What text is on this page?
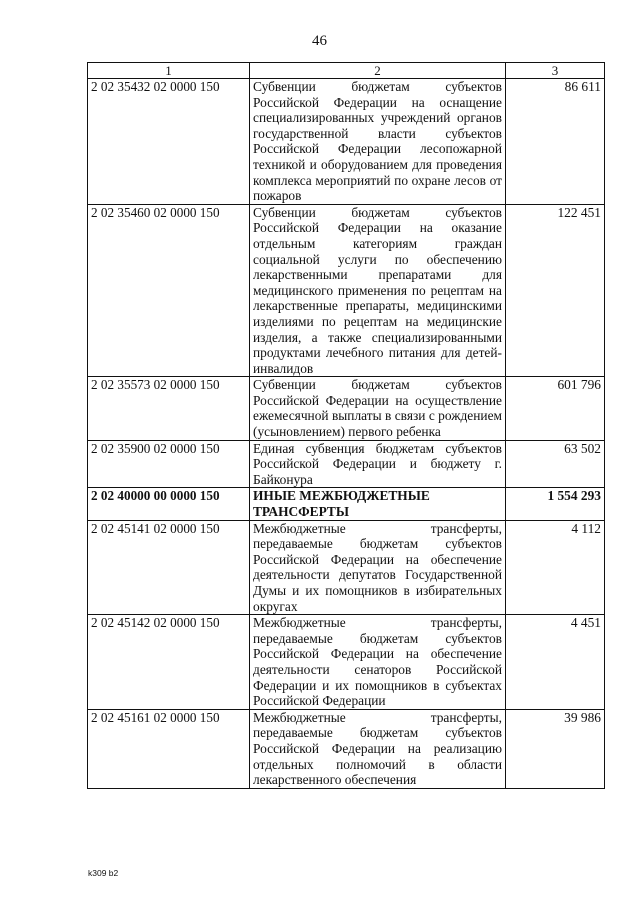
46
1	2	3
2 02 35432 02 0000 150	Субвенции бюджетам субъектов Российской Федерации на оснащение специализированных учреждений органов государственной власти субъектов Российской Федерации лесопожарной техникой и оборудованием для проведения комплекса мероприятий по охране лесов от пожаров	86 611
2 02 35460 02 0000 150	Субвенции бюджетам субъектов Российской Федерации на оказание отдельным категориям граждан социальной услуги по обеспечению лекарственными препаратами для медицинского применения по рецептам на лекарственные препараты, медицинскими изделиями по рецептам на медицинские изделия, а также специализированными продуктами лечебного питания для детей-инвалидов	122 451
2 02 35573 02 0000 150	Субвенции бюджетам субъектов Российской Федерации на осуществление ежемесячной выплаты в связи с рождением (усыновлением) первого ребенка	601 796
2 02 35900 02 0000 150	Единая субвенция бюджетам субъектов Российской Федерации и бюджету г. Байконура	63 502
2 02 40000 00 0000 150	ИНЫЕ МЕЖБЮДЖЕТНЫЕ ТРАНСФЕРТЫ	1 554 293
2 02 45141 02 0000 150	Межбюджетные трансферты, передаваемые бюджетам субъектов Российской Федерации на обеспечение деятельности депутатов Государственной Думы и их помощников в избирательных округах	4 112
2 02 45142 02 0000 150	Межбюджетные трансферты, передаваемые бюджетам субъектов Российской Федерации на обеспечение деятельности сенаторов Российской Федерации и их помощников в субъектах Российской Федерации	4 451
2 02 45161 02 0000 150	Межбюджетные трансферты, передаваемые бюджетам субъектов Российской Федерации на реализацию отдельных полномочий в области лекарственного обеспечения	39 986
k309 b2
